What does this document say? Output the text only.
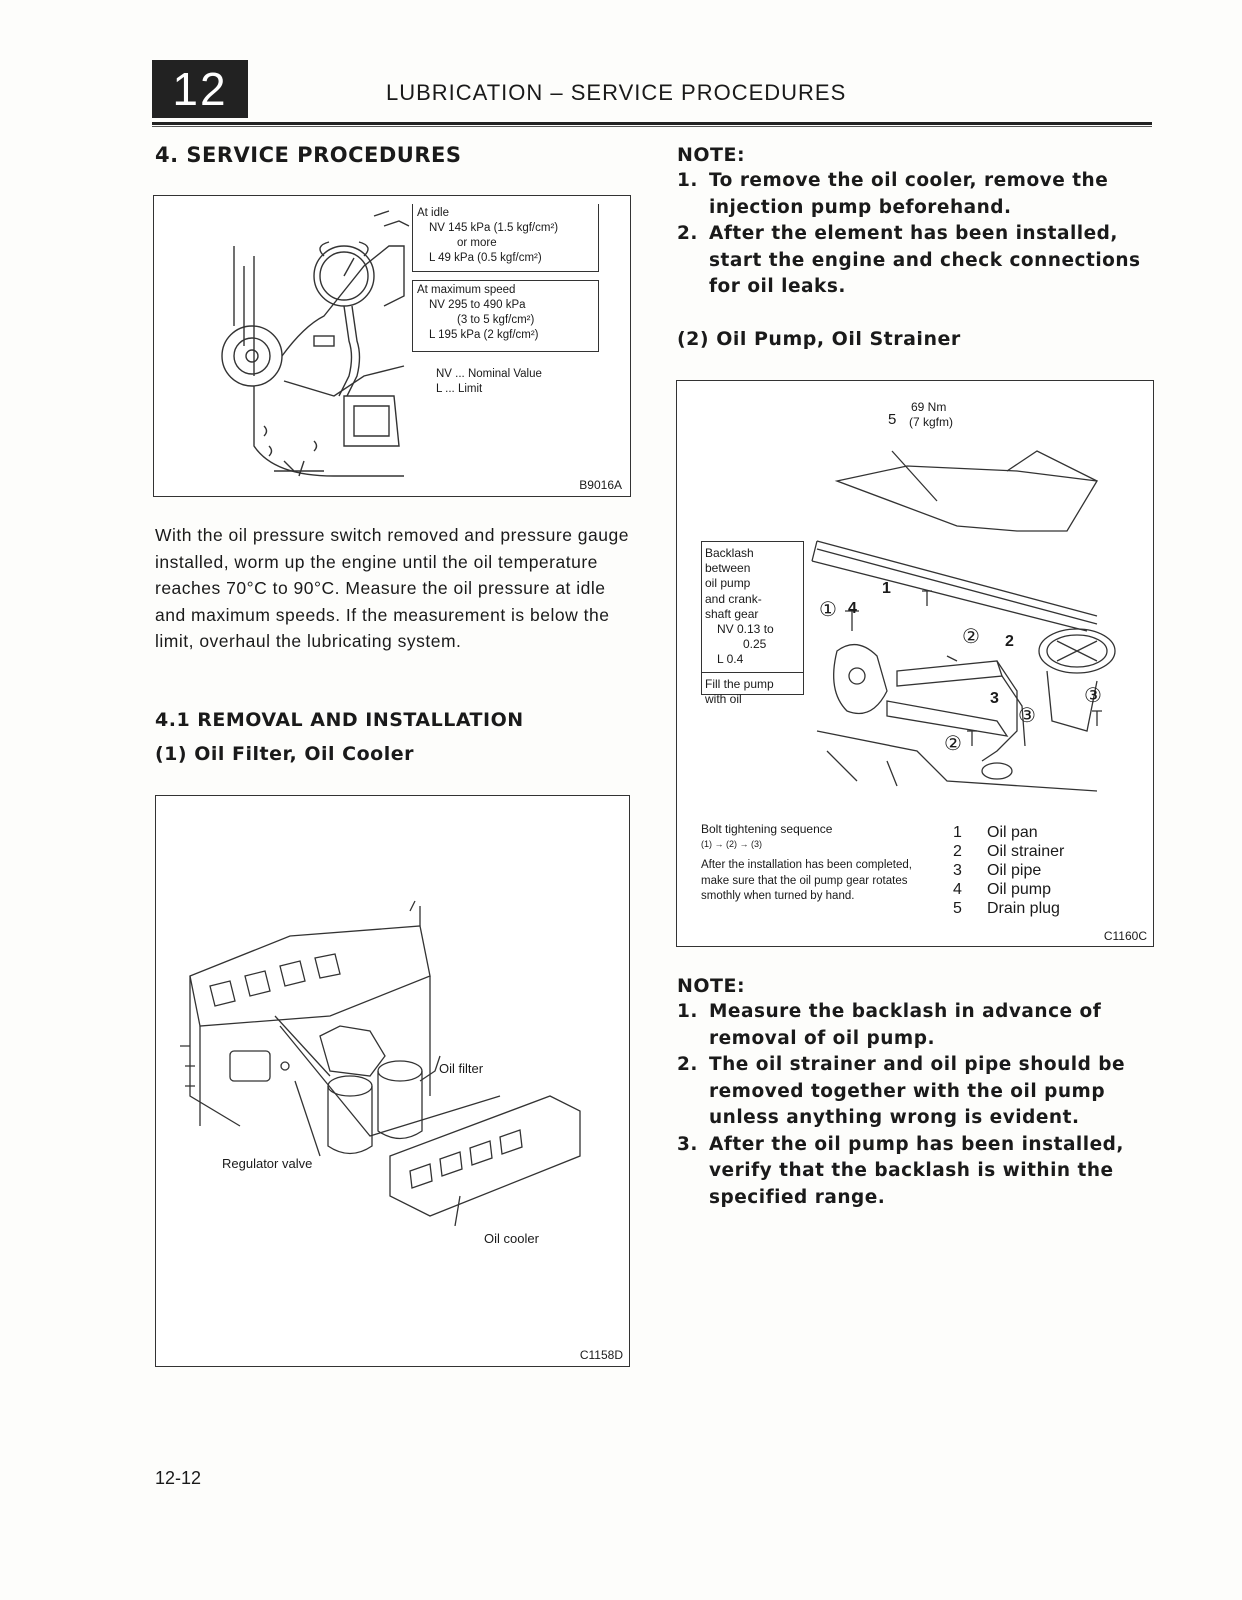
12	LUBRICATION – SERVICE PROCEDURES
4. SERVICE PROCEDURES
At idle
NV 145 kPa (1.5 kgf/cm²)
or more
L 49 kPa (0.5 kgf/cm²)
At maximum speed
NV 295 to 490 kPa
(3 to 5 kgf/cm²)
L 195 kPa (2 kgf/cm²)
NV ... Nominal Value
L ... Limit
B9016A
With the oil pressure switch removed and pressure gauge installed, worm up the engine until the oil temperature reaches 70°C to 90°C. Measure the oil pressure at idle and maximum speeds. If the measurement is below the limit, overhaul the lubricating system.
4.1 REMOVAL AND INSTALLATION
(1) Oil Filter, Oil Cooler
Oil filter
Regulator valve
Oil cooler
C1158D
NOTE:
1. To remove the oil cooler, remove the injection pump beforehand.
2. After the element has been installed, start the engine and check connections for oil leaks.
(2) Oil Pump, Oil Strainer
69 Nm
5 (7 kgfm)
Backlash
between
oil pump
and crank-
shaft gear
NV 0.13 to
0.25
L 0.4
Fill the pump
with oil
1
① 4
② 2
3	③
③
②
Bolt tightening sequence
(1) → (2) → (3)
After the installation has been completed, make sure that the oil pump gear rotates smothly when turned by hand.
1	Oil pan
2	Oil strainer
3	Oil pipe
4	Oil pump
5	Drain plug
C1160C
NOTE:
1. Measure the backlash in advance of removal of oil pump.
2. The oil strainer and oil pipe should be removed together with the oil pump unless anything wrong is evident.
3. After the oil pump has been installed, verify that the backlash is within the specified range.
12-12
